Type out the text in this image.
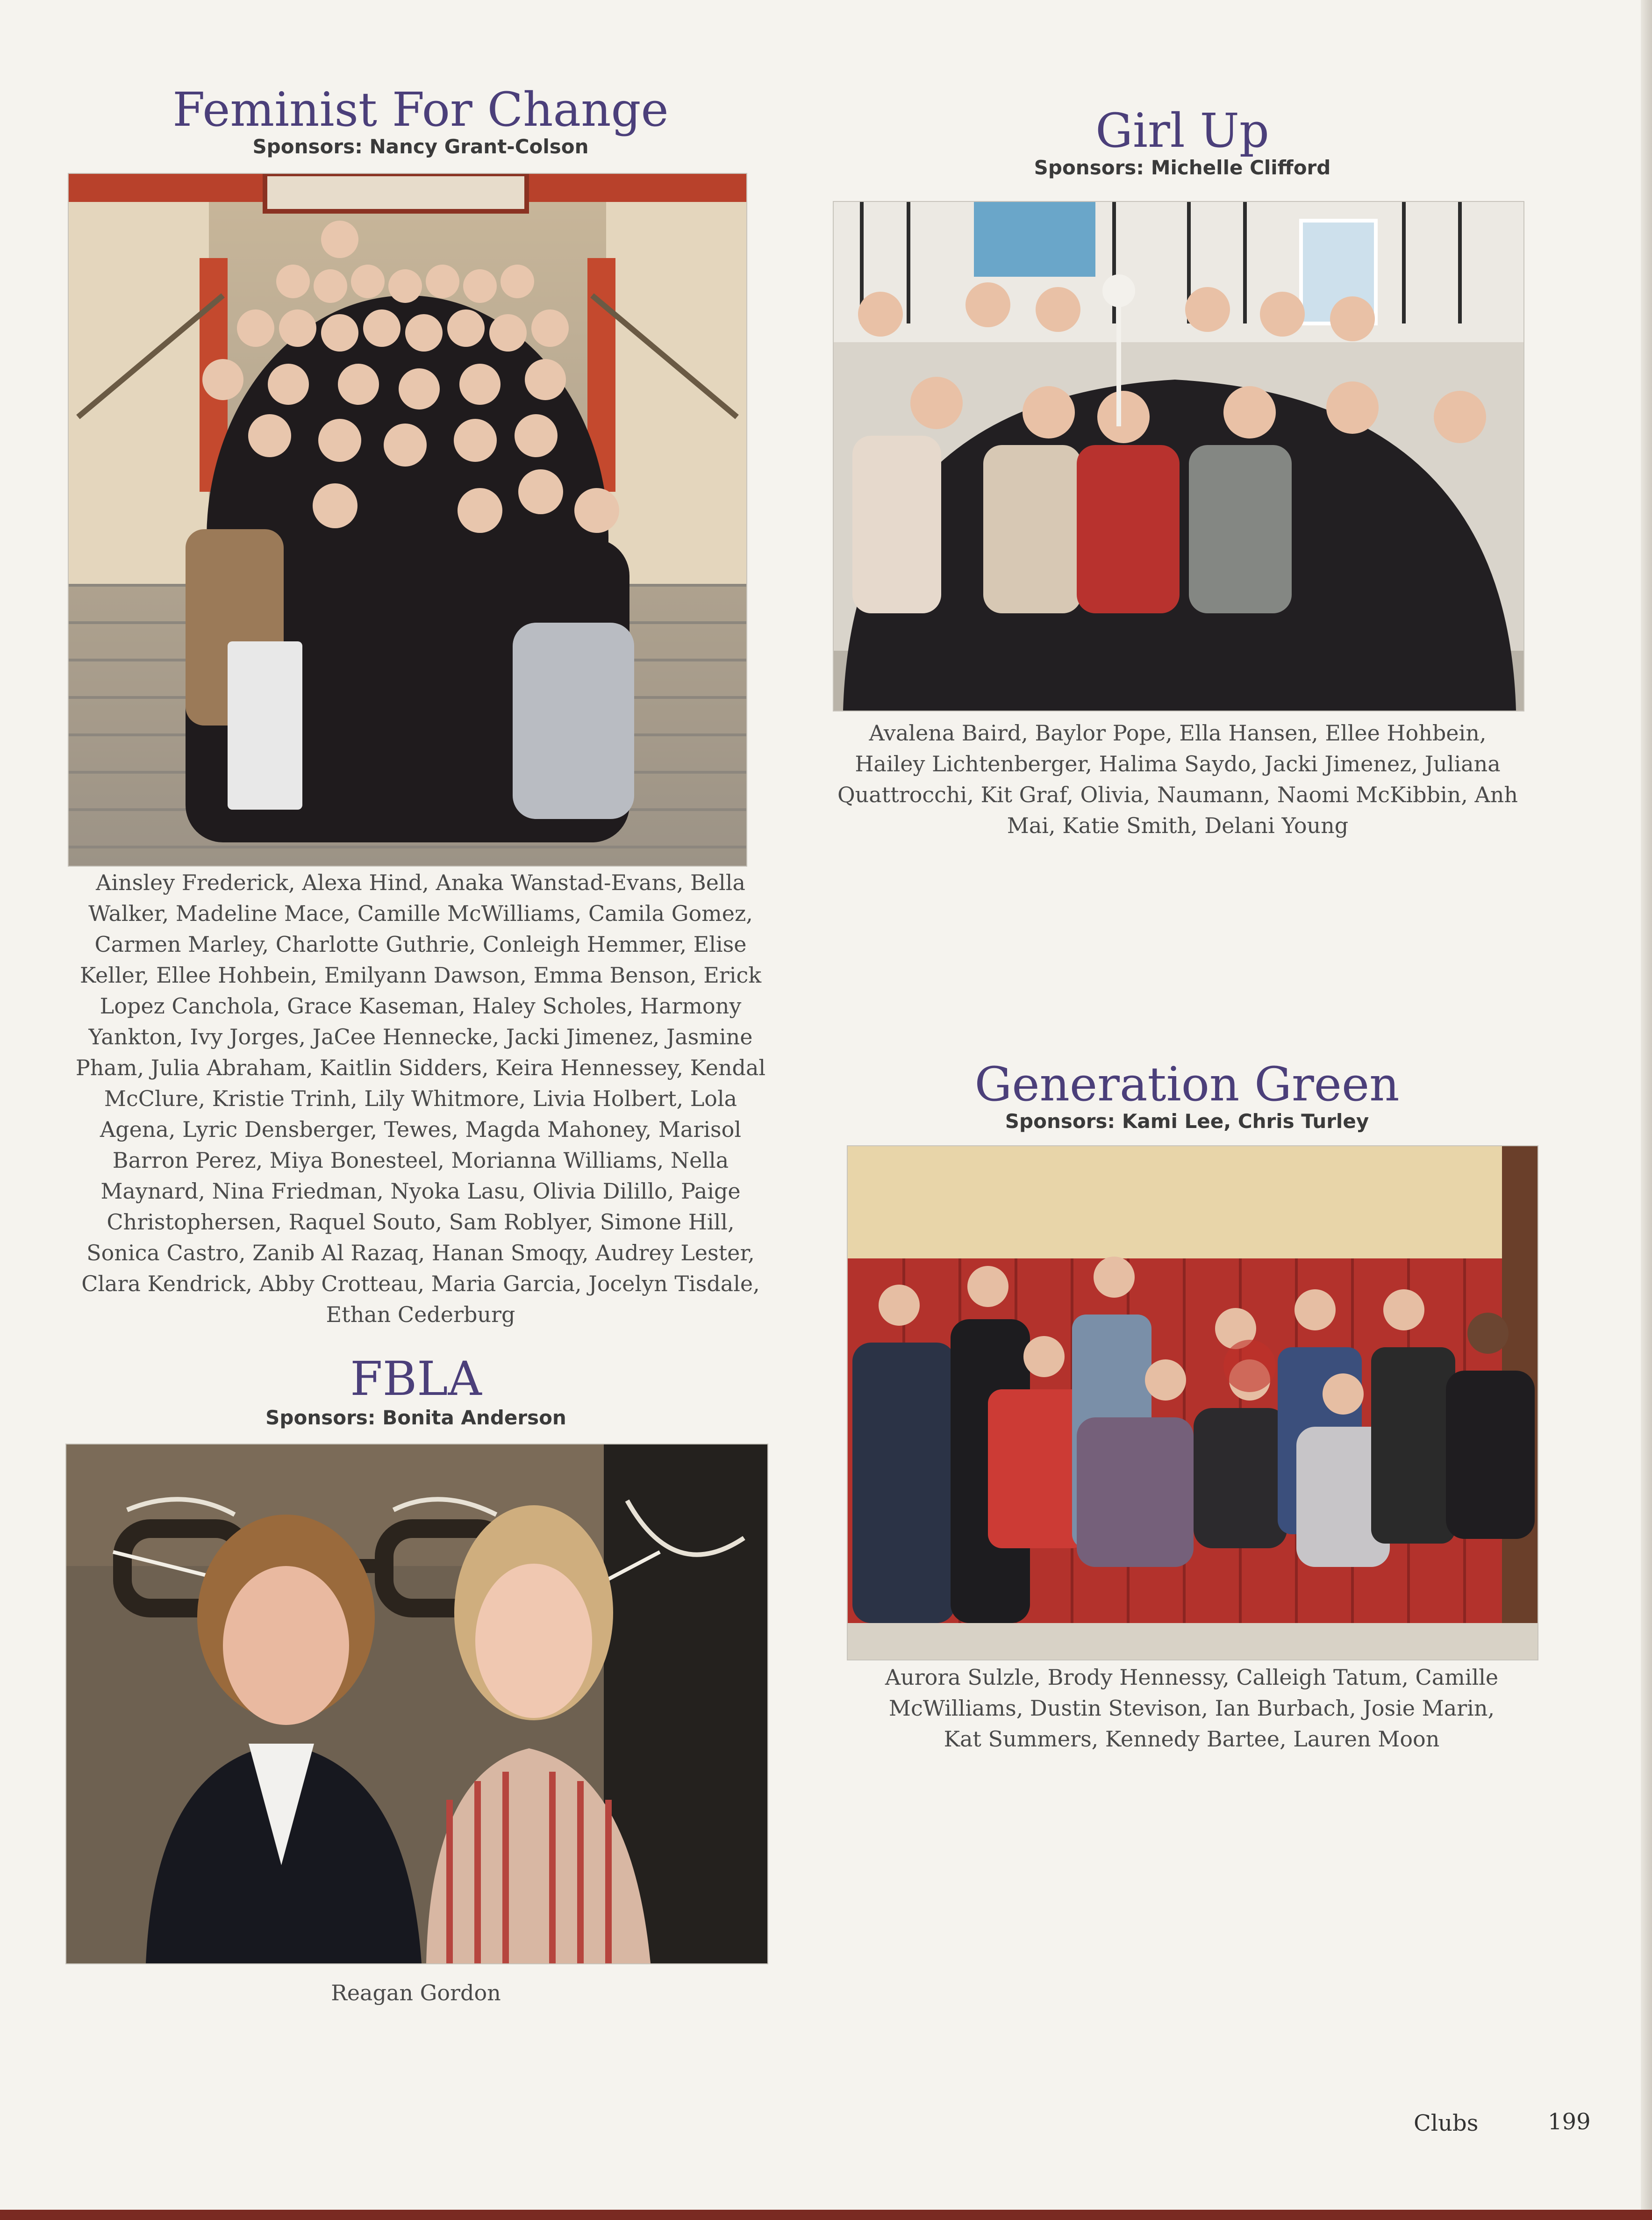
Feminist For Change
Sponsors: Nancy Grant-Colson

Ainsley Frederick, Alexa Hind, Anaka Wanstad-Evans, Bella Walker, Madeline Mace, Camille McWilliams, Camila Gomez, Carmen Marley, Charlotte Guthrie, Conleigh Hemmer, Elise Keller, Ellee Hohbein, Emilyann Dawson, Emma Benson, Erick Lopez Canchola, Grace Kaseman, Haley Scholes, Harmony Yankton, Ivy Jorges, JaCee Hennecke, Jacki Jimenez, Jasmine Pham, Julia Abraham, Kaitlin Sidders, Keira Hennessey, Kendal McClure, Kristie Trinh, Lily Whitmore, Livia Holbert, Lola Agena, Lyric Densberger, Tewes, Magda Mahoney, Marisol Barron Perez, Miya Bonesteel, Morianna Williams, Nella Maynard, Nina Friedman, Nyoka Lasu, Olivia Dilillo, Paige Christophersen, Raquel Souto, Sam Roblyer, Simone Hill, Sonica Castro, Zanib Al Razaq, Hanan Smoqy, Audrey Lester, Clara Kendrick, Abby Crotteau, Maria Garcia, Jocelyn Tisdale, Ethan Cederburg

FBLA
Sponsors: Bonita Anderson

Reagan Gordon

Girl Up
Sponsors: Michelle Clifford

Avalena Baird, Baylor Pope, Ella Hansen, Ellee Hohbein, Hailey Lichtenberger, Halima Saydo, Jacki Jimenez, Juliana Quattrocchi, Kit Graf, Olivia, Naumann, Naomi McKibbin, Anh Mai, Katie Smith, Delani Young

Generation Green
Sponsors: Kami Lee, Chris Turley

Aurora Sulzle, Brody Hennessy, Calleigh Tatum, Camille McWilliams, Dustin Stevison, Ian Burbach, Josie Marin, Kat Summers, Kennedy Bartee, Lauren Moon

Clubs	199
